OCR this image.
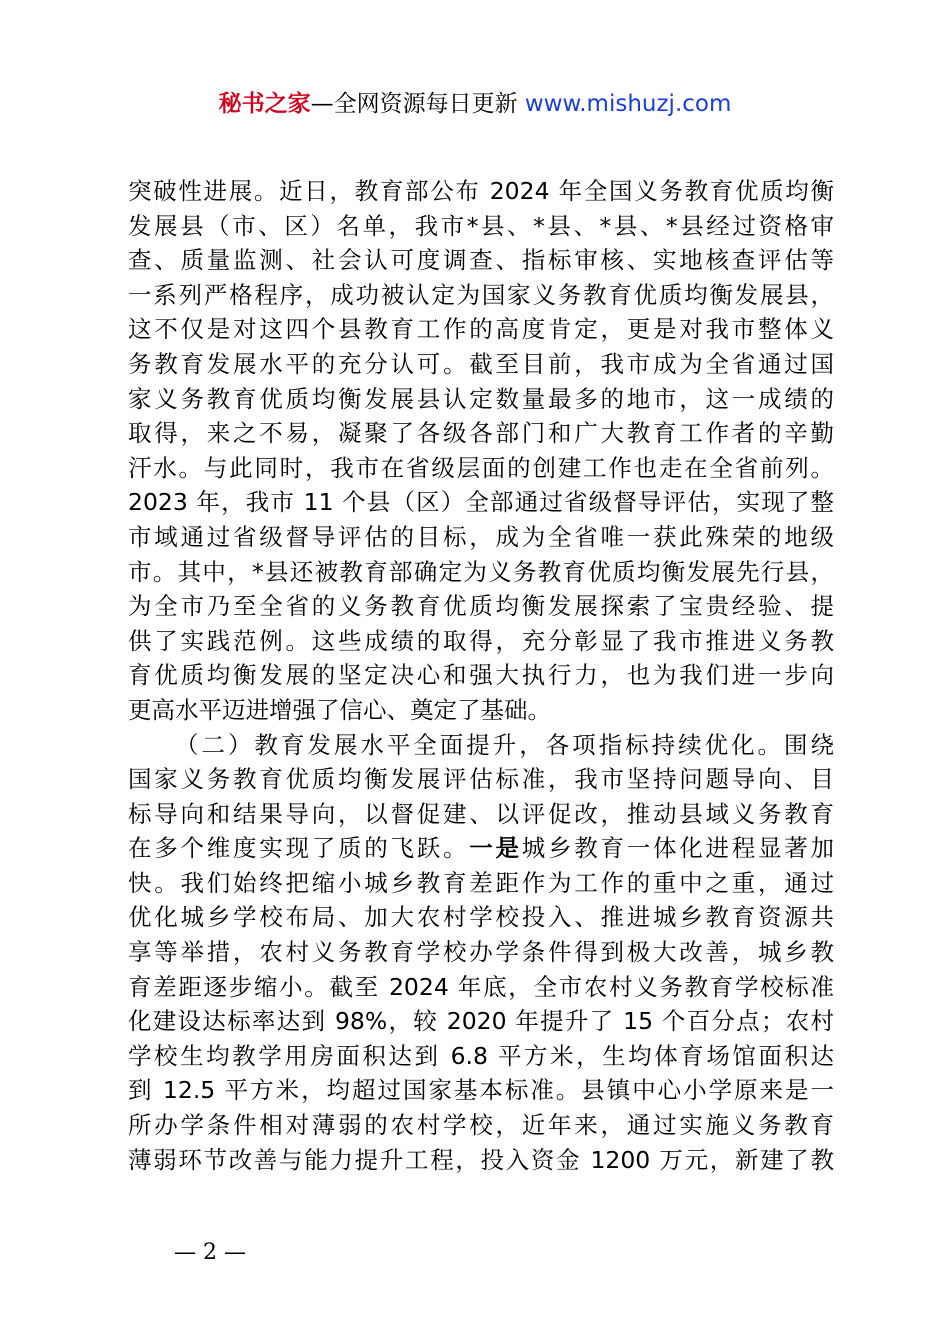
秘书之家—全网资源每日更新 www.mishuzj.com
突破性进展。近日，教育部公布 2024 年全国义务教育优质均衡
发展县（市、区）名单，我市*县、*县、*县、*县经过资格审
查、质量监测、社会认可度调查、指标审核、实地核查评估等
一系列严格程序，成功被认定为国家义务教育优质均衡发展县，
这不仅是对这四个县教育工作的高度肯定，更是对我市整体义
务教育发展水平的充分认可。截至目前，我市成为全省通过国
家义务教育优质均衡发展县认定数量最多的地市，这一成绩的
取得，来之不易，凝聚了各级各部门和广大教育工作者的辛勤
汗水。与此同时，我市在省级层面的创建工作也走在全省前列。
2023 年，我市 11 个县（区）全部通过省级督导评估，实现了整
市域通过省级督导评估的目标，成为全省唯一获此殊荣的地级
市。其中，*县还被教育部确定为义务教育优质均衡发展先行县，
为全市乃至全省的义务教育优质均衡发展探索了宝贵经验、提
供了实践范例。这些成绩的取得，充分彰显了我市推进义务教
育优质均衡发展的坚定决心和强大执行力，也为我们进一步向
更高水平迈进增强了信心、奠定了基础。
（二）教育发展水平全面提升，各项指标持续优化。围绕
国家义务教育优质均衡发展评估标准，我市坚持问题导向、目
标导向和结果导向，以督促建、以评促改，推动县域义务教育
在多个维度实现了质的飞跃。一是城乡教育一体化进程显著加
快。我们始终把缩小城乡教育差距作为工作的重中之重，通过
优化城乡学校布局、加大农村学校投入、推进城乡教育资源共
享等举措，农村义务教育学校办学条件得到极大改善，城乡教
育差距逐步缩小。截至 2024 年底，全市农村义务教育学校标准
化建设达标率达到 98%，较 2020 年提升了 15 个百分点；农村
学校生均教学用房面积达到 6.8 平方米，生均体育场馆面积达
到 12.5 平方米，均超过国家基本标准。县镇中心小学原来是一
所办学条件相对薄弱的农村学校，近年来，通过实施义务教育
薄弱环节改善与能力提升工程，投入资金 1200 万元，新建了教
— 2 —
